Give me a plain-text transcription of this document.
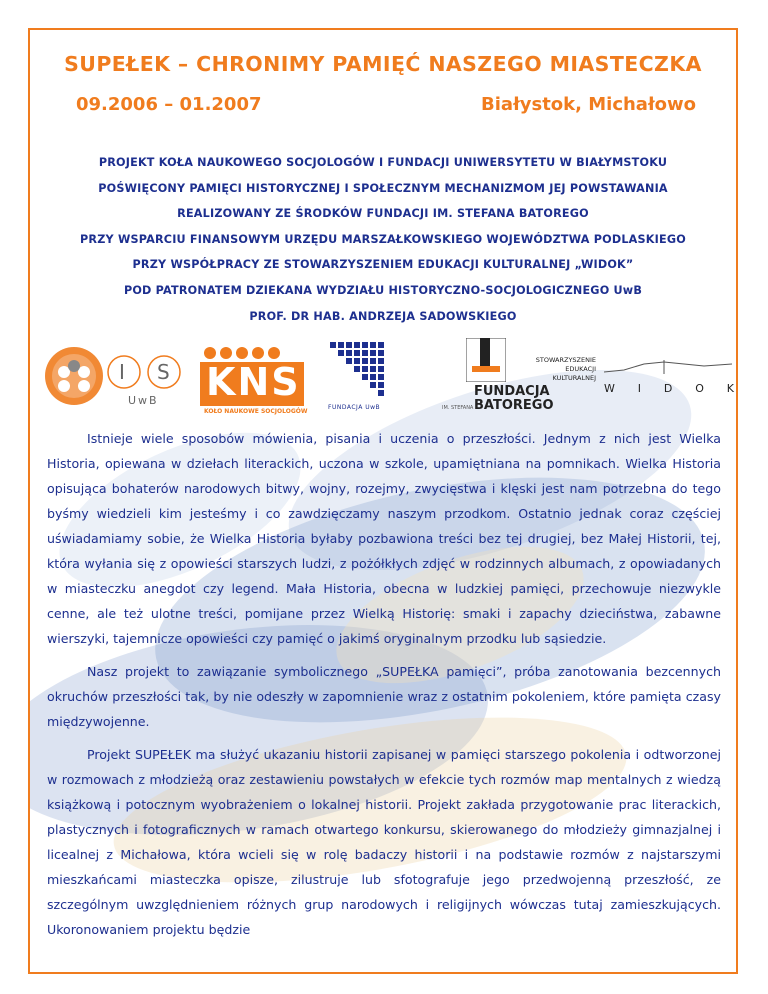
SUPEŁEK – CHRONIMY PAMIĘĆ NASZEGO MIASTECZKA
09.2006 – 01.2007	Białystok, Michałowo
PROJEKT KOŁA NAUKOWEGO SOCJOLOGÓW I FUNDACJI UNIWERSYTETU W BIAŁYMSTOKU
POŚWIĘCONY PAMIĘCI HISTORYCZNEJ I SPOŁECZNYM MECHANIZMOM JEJ POWSTAWANIA
REALIZOWANY ZE ŚRODKÓW FUNDACJI IM. STEFANA BATOREGO
PRZY WSPARCIU FINANSOWYM URZĘDU MARSZAŁKOWSKIEGO WOJEWÓDZTWA PODLASKIEGO
PRZY WSPÓŁPRACY ZE STOWARZYSZENIEM EDUKACJI KULTURALNEJ „WIDOK”
POD PATRONATEM DZIEKANA WYDZIAŁU HISTORYCZNO-SOCJOLOGICZNEGO UwB
PROF. DR HAB. ANDRZEJA SADOWSKIEGO
I S
UwB KNS
KOŁO NAUKOWE SOCJOLOGÓW
FUNDACJA UwB	IM. STEFANA
FUNDACJA
BATOREGO
STOWARZYSZENIE
EDUKACJI
KULTURALNEJ
W I D O K

Istnieje wiele sposobów mówienia, pisania i uczenia o przeszłości. Jednym z nich jest Wielka Historia, opiewana w dziełach literackich, uczona w szkole, upamiętniana na pomnikach. Wielka Historia opisująca bohaterów narodowych bitwy, wojny, rozejmy, zwycięstwa i klęski jest nam potrzebna do tego byśmy wiedzieli kim jesteśmy i co zawdzięczamy naszym przodkom. Ostatnio jednak coraz częściej uświadamiamy sobie, że Wielka Historia byłaby pozbawiona treści bez tej drugiej, bez Małej Historii, tej, która wyłania się z opowieści starszych ludzi, z pożółkłych zdjęć w rodzinnych albumach, z opowiadanych w miasteczku anegdot czy legend. Mała Historia, obecna w ludzkiej pamięci, przechowuje niezwykle cenne, ale też ulotne treści, pomijane przez Wielką Historię: smaki i zapachy dzieciństwa, zabawne wierszyki, tajemnicze opowieści czy pamięć o jakimś oryginalnym przodku lub sąsiedzie.

Nasz projekt to zawiązanie symbolicznego „SUPEŁKA pamięci”, próba zanotowania bezcennych okruchów przeszłości tak, by nie odeszły w zapomnienie wraz z ostatnim pokoleniem, które pamięta czasy międzywojenne.

Projekt SUPEŁEK ma służyć ukazaniu historii zapisanej w pamięci starszego pokolenia i odtworzonej w rozmowach z młodzieżą oraz zestawieniu powstałych w efekcie tych rozmów map mentalnych z wiedzą książkową i potocznym wyobrażeniem o lokalnej historii. Projekt zakłada przygotowanie prac literackich, plastycznych i fotograficznych w ramach otwartego konkursu, skierowanego do młodzieży gimnazjalnej i licealnej z Michałowa, która wcieli się w rolę badaczy historii i na podstawie rozmów z najstarszymi mieszkańcami miasteczka opisze, zilustruje lub sfotografuje jego przedwojenną przeszłość, ze szczególnym uwzględnieniem różnych grup narodowych i religijnych wówczas tutaj zamieszkujących. Ukoronowaniem projektu będzie
